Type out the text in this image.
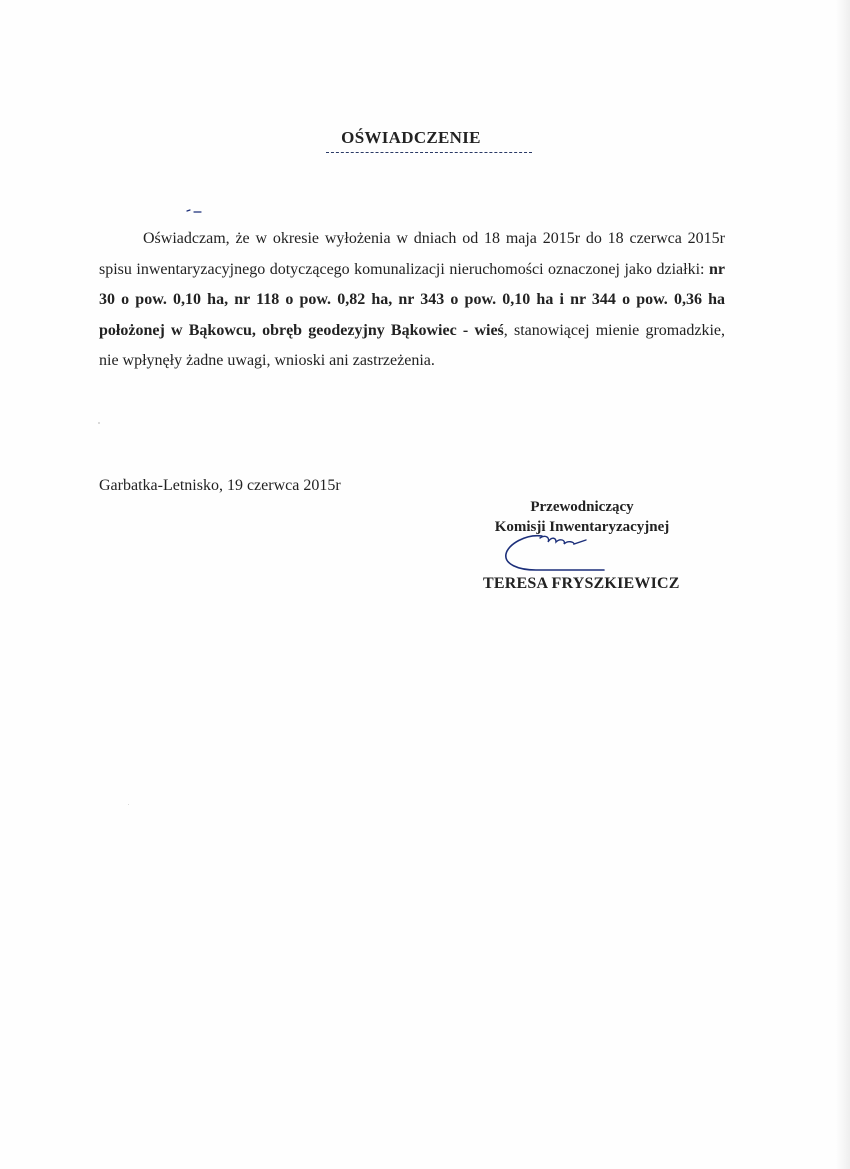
OŚWIADCZENIE

Oświadczam, że w okresie wyłożenia w dniach od 18 maja 2015r do 18 czerwca 2015r spisu inwentaryzacyjnego dotyczącego komunalizacji nieruchomości oznaczonej jako działki: nr 30 o pow. 0,10 ha, nr 118 o pow. 0,82 ha, nr 343 o pow. 0,10 ha i nr 344 o pow. 0,36 ha położonej w Bąkowcu, obręb geodezyjny Bąkowiec - wieś, stanowiącej mienie gromadzkie, nie wpłynęły żadne uwagi, wnioski ani zastrzeżenia.

Garbatka-Letnisko, 19 czerwca 2015r
Przewodniczący
Komisji Inwentaryzacyjnej
TERESA FRYSZKIEWICZ
